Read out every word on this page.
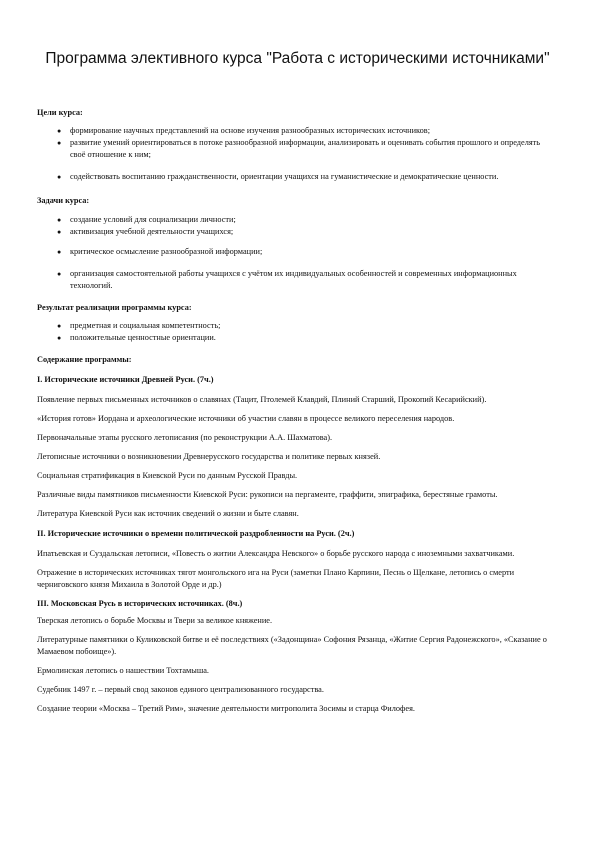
Программа элективного курса "Работа с историческими источниками"

Цели курса:

● формирование научных представлений на основе изучения разнообразных исторических источников;
● развитие умений ориентироваться в потоке разнообразной информации, анализировать и оценивать события прошлого и определять своё отношение к ним;
● содействовать воспитанию гражданственности, ориентации учащихся на гуманистические и демократические ценности.

Задачи курса:

● создание условий для социализации личности;
● активизация учебной деятельности учащихся;
● критическое осмысление разнообразной информации;
● организация самостоятельной работы учащихся с учётом их индивидуальных особенностей и современных информационных технологий.

Результат реализации программы курса:

● предметная и социальная компетентность;
● положительные ценностные ориентации.

Содержание программы:

I. Исторические источники Древней Руси. (7ч.)

Появление первых письменных источников о славянах (Тацит, Птолемей Клавдий, Плиний Старший, Прокопий Кесарийский).

«История готов» Иордана и археологические источники об участии славян в процессе великого переселения народов.

Первоначальные этапы русского летописания (по реконструкции А.А. Шахматова).

Летописные источники о возникновении Древнерусского государства и политике первых князей.

Социальная стратификация в Киевской Руси по данным Русской Правды.

Различные виды памятников письменности Киевской Руси: рукописи на пергаменте, граффити, эпиграфика, берестяные грамоты.

Литература Киевской Руси как источник сведений о жизни и быте славян.

II. Исторические источники о времени политической раздробленности на Руси. (2ч.)

Ипатьевская и Суздальская летописи, «Повесть о житии Александра Невского» о борьбе русского народа с иноземными захватчиками.

Отражение в исторических источниках тягот монгольского ига на Руси (заметки Плано Карпини, Песнь о Щелкане, летопись о смерти черниговского князя Михаила в Золотой Орде и др.)

III. Московская Русь в исторических источниках. (8ч.)

Тверская летопись о борьбе Москвы и Твери за великое княжение.

Литературные памятники о Куликовской битве и её последствиях («Задонщина» Софония Рязанца, «Житие Сергия Радонежского», «Сказание о Мамаевом побоище»).

Ермолинская летопись о нашествии Тохтамыша.

Судебник 1497 г. – первый свод законов единого централизованного государства.

Создание теории «Москва – Третий Рим», значение деятельности митрополита Зосимы и старца Филофея.
